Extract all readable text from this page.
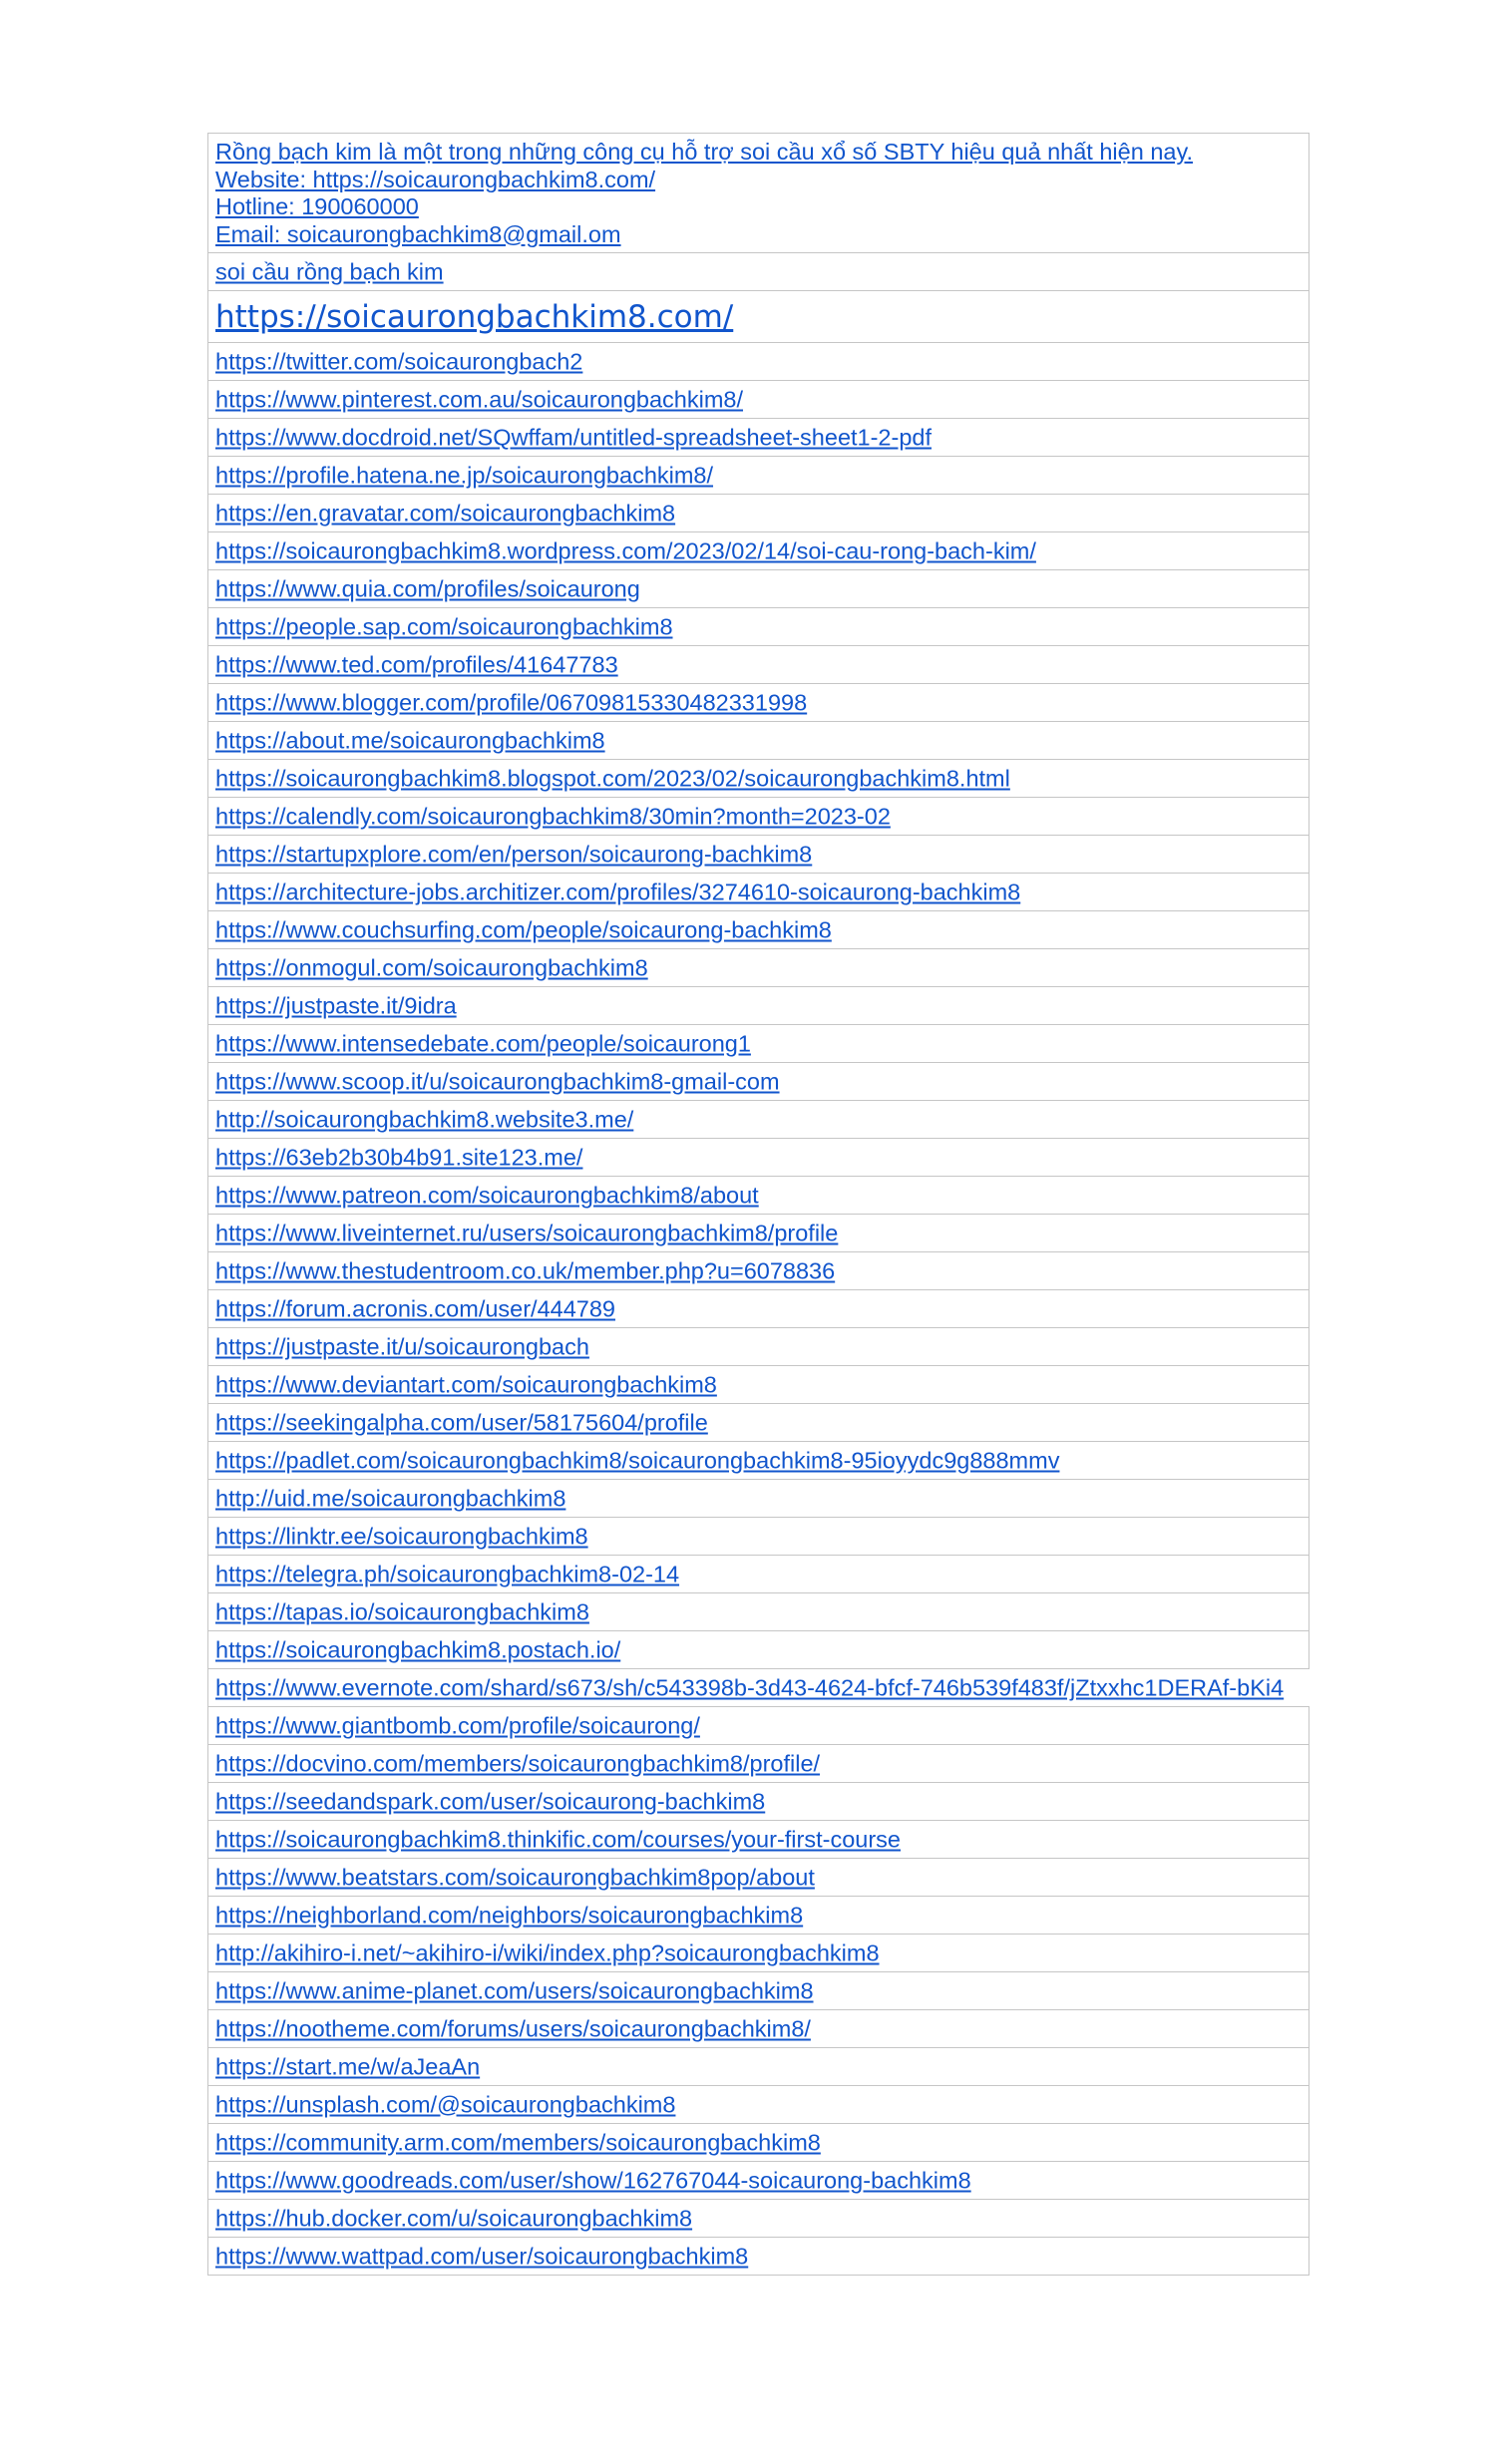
Rồng bạch kim là một trong những công cụ hỗ trợ soi cầu xổ số SBTY hiệu quả nhất hiện nay.
Website: https://soicaurongbachkim8.com/
Hotline: 190060000
Email: soicaurongbachkim8@gmail.om
soi cầu rồng bạch kim
https://soicaurongbachkim8.com/
https://twitter.com/soicaurongbach2
https://www.pinterest.com.au/soicaurongbachkim8/
https://www.docdroid.net/SQwffam/untitled-spreadsheet-sheet1-2-pdf
https://profile.hatena.ne.jp/soicaurongbachkim8/
https://en.gravatar.com/soicaurongbachkim8
https://soicaurongbachkim8.wordpress.com/2023/02/14/soi-cau-rong-bach-kim/
https://www.quia.com/profiles/soicaurong
https://people.sap.com/soicaurongbachkim8
https://www.ted.com/profiles/41647783
https://www.blogger.com/profile/06709815330482331998
https://about.me/soicaurongbachkim8
https://soicaurongbachkim8.blogspot.com/2023/02/soicaurongbachkim8.html
https://calendly.com/soicaurongbachkim8/30min?month=2023-02
https://startupxplore.com/en/person/soicaurong-bachkim8
https://architecture-jobs.architizer.com/profiles/3274610-soicaurong-bachkim8
https://www.couchsurfing.com/people/soicaurong-bachkim8
https://onmogul.com/soicaurongbachkim8
https://justpaste.it/9idra
https://www.intensedebate.com/people/soicaurong1
https://www.scoop.it/u/soicaurongbachkim8-gmail-com
http://soicaurongbachkim8.website3.me/
https://63eb2b30b4b91.site123.me/
https://www.patreon.com/soicaurongbachkim8/about
https://www.liveinternet.ru/users/soicaurongbachkim8/profile
https://www.thestudentroom.co.uk/member.php?u=6078836
https://forum.acronis.com/user/444789
https://justpaste.it/u/soicaurongbach
https://www.deviantart.com/soicaurongbachkim8
https://seekingalpha.com/user/58175604/profile
https://padlet.com/soicaurongbachkim8/soicaurongbachkim8-95ioyydc9g888mmv
http://uid.me/soicaurongbachkim8
https://linktr.ee/soicaurongbachkim8
https://telegra.ph/soicaurongbachkim8-02-14
https://tapas.io/soicaurongbachkim8
https://soicaurongbachkim8.postach.io/
https://www.evernote.com/shard/s673/sh/c543398b-3d43-4624-bfcf-746b539f483f/jZtxxhc1DERAf-bKi4
https://www.giantbomb.com/profile/soicaurong/
https://docvino.com/members/soicaurongbachkim8/profile/
https://seedandspark.com/user/soicaurong-bachkim8
https://soicaurongbachkim8.thinkific.com/courses/your-first-course
https://www.beatstars.com/soicaurongbachkim8pop/about
https://neighborland.com/neighbors/soicaurongbachkim8
http://akihiro-i.net/~akihiro-i/wiki/index.php?soicaurongbachkim8
https://www.anime-planet.com/users/soicaurongbachkim8
https://nootheme.com/forums/users/soicaurongbachkim8/
https://start.me/w/aJeaAn
https://unsplash.com/@soicaurongbachkim8
https://community.arm.com/members/soicaurongbachkim8
https://www.goodreads.com/user/show/162767044-soicaurong-bachkim8
https://hub.docker.com/u/soicaurongbachkim8
https://www.wattpad.com/user/soicaurongbachkim8
